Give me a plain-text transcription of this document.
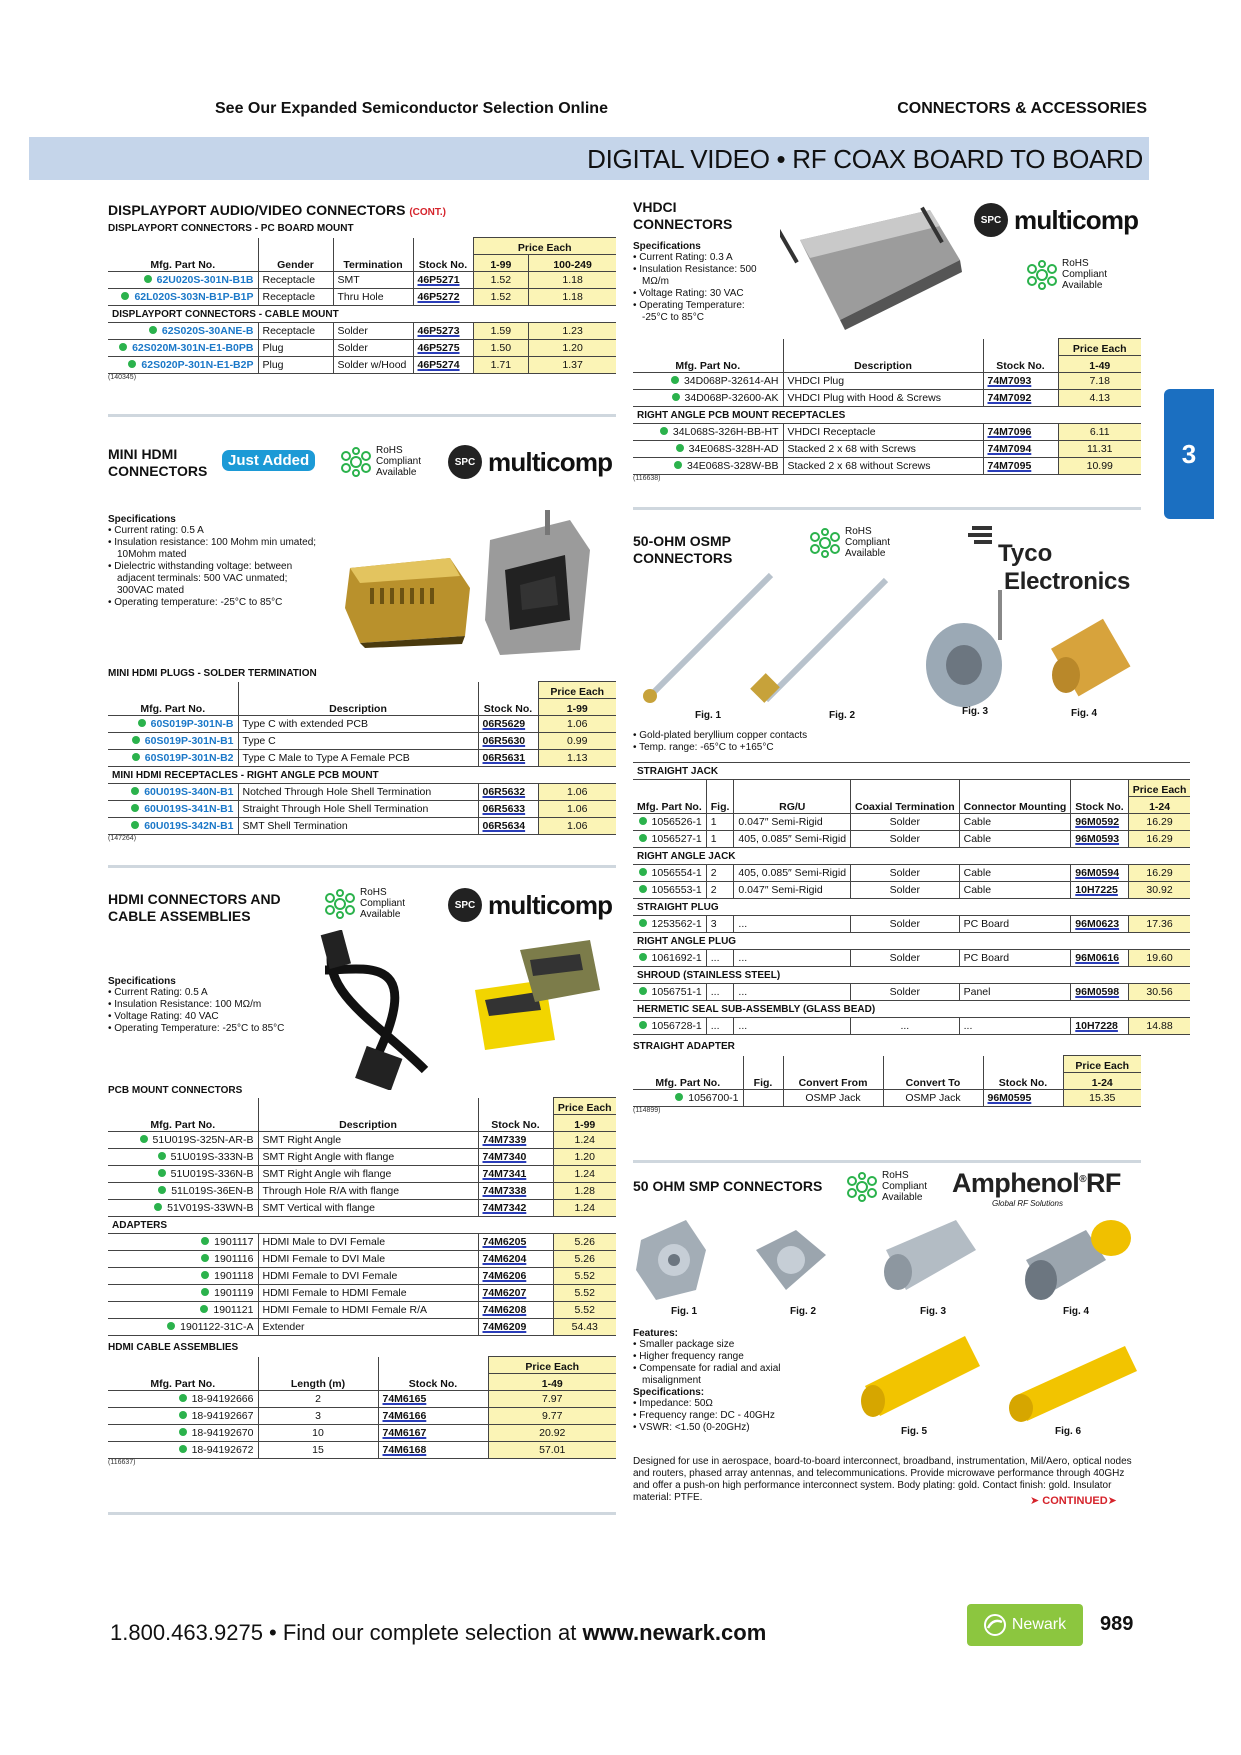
See Our Expanded Semiconductor Selection Online	CONNECTORS & ACCESSORIES
DIGITAL VIDEO • RF COAX BOARD TO BOARD
3
DISPLAYPORT AUDIO/VIDEO CONNECTORS (CONT.)
DISPLAYPORT CONNECTORS - PC BOARD MOUNT
				Price Each	
Mfg. Part No.	Gender	Termination	Stock No.	1-99	100-249
62U020S-301N-B1B	Receptacle	SMT	46P5271	1.52	1.18
62L020S-303N-B1P-B1P	Receptacle	Thru Hole	46P5272	1.52	1.18
DISPLAYPORT CONNECTORS - CABLE MOUNT					
62S020S-30ANE-B	Receptacle	Solder	46P5273	1.59	1.23
62S020M-301N-E1-B0PB	Plug	Solder	46P5275	1.50	1.20
62S020P-301N-E1-B2P	Plug	Solder w/Hood	46P5274	1.71	1.37
(140345)
MINI HDMI
CONNECTORS
Just Added
RoHS
Compliant
Available
SPC multicomp
Specifications
• Current rating: 0.5 A
• Insulation resistance: 100 Mohm min umated; 10Mohm mated
• Dielectric withstanding voltage: between adjacent terminals: 500 VAC unmated; 300VAC mated
• Operating temperature: -25°C to 85°C
MINI HDMI PLUGS - SOLDER TERMINATION
			Price Each
Mfg. Part No.	Description	Stock No.	1-99
60S019P-301N-B	Type C with extended PCB	06R5629	1.06
60S019P-301N-B1	Type C	06R5630	0.99
60S019P-301N-B2	Type C Male to Type A Female PCB	06R5631	1.13
MINI HDMI RECEPTACLES - RIGHT ANGLE PCB MOUNT			
60U019S-340N-B1	Notched Through Hole Shell Termination	06R5632	1.06
60U019S-341N-B1	Straight Through Hole Shell Termination	06R5633	1.06
60U019S-342N-B1	SMT Shell Termination	06R5634	1.06
(147264)
HDMI CONNECTORS AND
CABLE ASSEMBLIES
RoHS
Compliant
Available
SPC multicomp
Specifications
• Current Rating: 0.5 A
• Insulation Resistance: 100 MΩ/m
• Voltage Rating: 40 VAC
• Operating Temperature: -25°C to 85°C
PCB MOUNT CONNECTORS
			Price Each
Mfg. Part No.	Description	Stock No.	1-99
51U019S-325N-AR-B	SMT Right Angle	74M7339	1.24
51U019S-333N-B	SMT Right Angle with flange	74M7340	1.20
51U019S-336N-B	SMT Right Angle wih flange	74M7341	1.24
51L019S-36EN-B	Through Hole R/A with flange	74M7338	1.28
51V019S-33WN-B	SMT Vertical with flange	74M7342	1.24
ADAPTERS			
1901117	HDMI Male to DVI Female	74M6205	5.26
1901116	HDMI Female to DVI Male	74M6204	5.26
1901118	HDMI Female to DVI Female	74M6206	5.52
1901119	HDMI Female to HDMI Female	74M6207	5.52
1901121	HDMI Female to HDMI Female R/A	74M6208	5.52
1901122-31C-A	Extender	74M6209	54.43
HDMI CABLE ASSEMBLIES
			Price Each
Mfg. Part No.	Length (m)	Stock No.	1-49
18-94192666	2	74M6165	7.97
18-94192667	3	74M6166	9.77
18-94192670	10	74M6167	20.92
18-94192672	15	74M6168	57.01
(116637)
VHDCI
CONNECTORS
Specifications
• Current Rating: 0.3 A
• Insulation Resistance: 500 MΩ/m
• Voltage Rating: 30 VAC
• Operating Temperature: -25°C to 85°C
SPC multicomp
RoHS
Compliant
Available
			Price Each
Mfg. Part No.	Description	Stock No.	1-49
34D068P-32614-AH	VHDCI Plug	74M7093	7.18
34D068P-32600-AK	VHDCI Plug with Hood & Screws	74M7092	4.13
RIGHT ANGLE PCB MOUNT RECEPTACLES			
34L068S-326H-BB-HT	VHDCI Receptacle	74M7096	6.11
34E068S-328H-AD	Stacked 2 x 68 with Screws	74M7094	11.31
34E068S-328W-BB	Stacked 2 x 68 without Screws	74M7095	10.99
(116638)
50-OHM OSMP
CONNECTORS
RoHS
Compliant
Available	Tyco
Electronics
Fig. 1	Fig. 2	Fig. 3	Fig. 4
• Gold-plated beryllium copper contacts
• Temp. range: -65°C to +165°C
STRAIGHT JACK						
						Price Each
Mfg. Part No.	Fig.	RG/U	Coaxial Termination	Connector Mounting	Stock No.	1-24
1056526-1	1	0.047″ Semi-Rigid	Solder	Cable	96M0592	16.29
1056527-1	1	405, 0.085″ Semi-Rigid	Solder	Cable	96M0593	16.29
RIGHT ANGLE JACK						
1056554-1	2	405, 0.085″ Semi-Rigid	Solder	Cable	96M0594	16.29
1056553-1	2	0.047″ Semi-Rigid	Solder	Cable	10H7225	30.92
STRAIGHT PLUG						
1253562-1	3	...	Solder	PC Board	96M0623	17.36
RIGHT ANGLE PLUG						
1061692-1	...	...	Solder	PC Board	96M0616	19.60
SHROUD (STAINLESS STEEL)						
1056751-1	...	...	Solder	Panel	96M0598	30.56
HERMETIC SEAL SUB-ASSEMBLY (GLASS BEAD)						
1056728-1	...	...	...	...	10H7228	14.88
STRAIGHT ADAPTER
					Price Each
Mfg. Part No.	Fig.	Convert From	Convert To	Stock No.	1-24
1056700-1		OSMP Jack	OSMP Jack	96M0595	15.35
(114899)
50 OHM SMP CONNECTORS
RoHS
Compliant
Available Amphenol®RF
Global RF Solutions
Fig. 1	Fig. 2	Fig. 3	Fig. 4
Features:
• Smaller package size
• Higher frequency range
• Compensate for radial and axial misalignment
Specifications:
• Impedance: 50Ω
• Frequency range: DC - 40GHz
• VSWR: <1.50 (0-20GHz)	Fig. 5	Fig. 6
Designed for use in aerospace, board-to-board interconnect, broadband, instrumentation, Mil/Aero, optical nodes and routers, phased array antennas, and telecommunications. Provide microwave performance through 40GHz and offer a push-on high performance interconnect system. Body plating: gold. Contact finish: gold. Insulator material: PTFE.	➤ CONTINUED➤
1.800.463.9275 • Find our complete selection at www.newark.com	Newark 989
